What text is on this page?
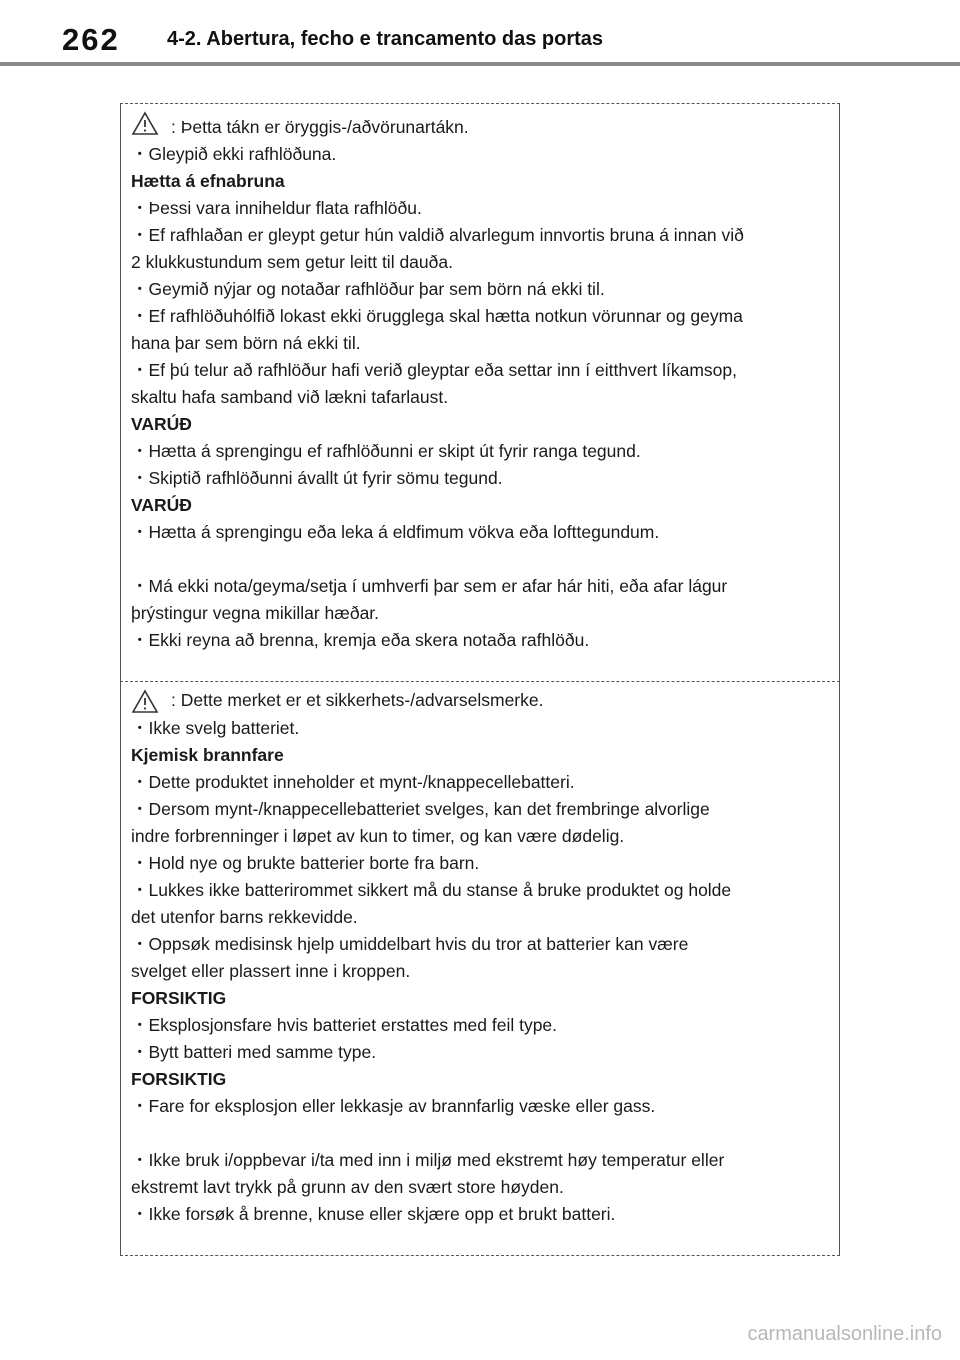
262 4-2. Abertura, fecho e trancamento das portas
: Þetta tákn er öryggis-/aðvörunartákn.
・Gleypið ekki rafhlöðuna.
Hætta á efnabruna
・Þessi vara inniheldur flata rafhlöðu.
・Ef rafhlaðan er gleypt getur hún valdið alvarlegum innvortis bruna á innan við
2 klukkustundum sem getur leitt til dauða.
・Geymið nýjar og notaðar rafhlöður þar sem börn ná ekki til.
・Ef rafhlöðuhólfið lokast ekki örugglega skal hætta notkun vörunnar og geyma
hana þar sem börn ná ekki til.
・Ef þú telur að rafhlöður hafi verið gleyptar eða settar inn í eitthvert líkamsop,
skaltu hafa samband við lækni tafarlaust.
VARÚÐ
・Hætta á sprengingu ef rafhlöðunni er skipt út fyrir ranga tegund.
・Skiptið rafhlöðunni ávallt út fyrir sömu tegund.
VARÚÐ
・Hætta á sprengingu eða leka á eldfimum vökva eða lofttegundum.
・Má ekki nota/geyma/setja í umhverfi þar sem er afar hár hiti, eða afar lágur
þrýstingur vegna mikillar hæðar.
・Ekki reyna að brenna, kremja eða skera notaða rafhlöðu.
: Dette merket er et sikkerhets-/advarselsmerke.
・Ikke svelg batteriet.
Kjemisk brannfare
・Dette produktet inneholder et mynt-/knappecellebatteri.
・Dersom mynt-/knappecellebatteriet svelges, kan det frembringe alvorlige
indre forbrenninger i løpet av kun to timer, og kan være dødelig.
・Hold nye og brukte batterier borte fra barn.
・Lukkes ikke batterirommet sikkert må du stanse å bruke produktet og holde
det utenfor barns rekkevidde.
・Oppsøk medisinsk hjelp umiddelbart hvis du tror at batterier kan være
svelget eller plassert inne i kroppen.
FORSIKTIG
・Eksplosjonsfare hvis batteriet erstattes med feil type.
・Bytt batteri med samme type.
FORSIKTIG
・Fare for eksplosjon eller lekkasje av brannfarlig væske eller gass.
・Ikke bruk i/oppbevar i/ta med inn i miljø med ekstremt høy temperatur eller
ekstremt lavt trykk på grunn av den svært store høyden.
・Ikke forsøk å brenne, knuse eller skjære opp et brukt batteri.
carmanualsonline.info
